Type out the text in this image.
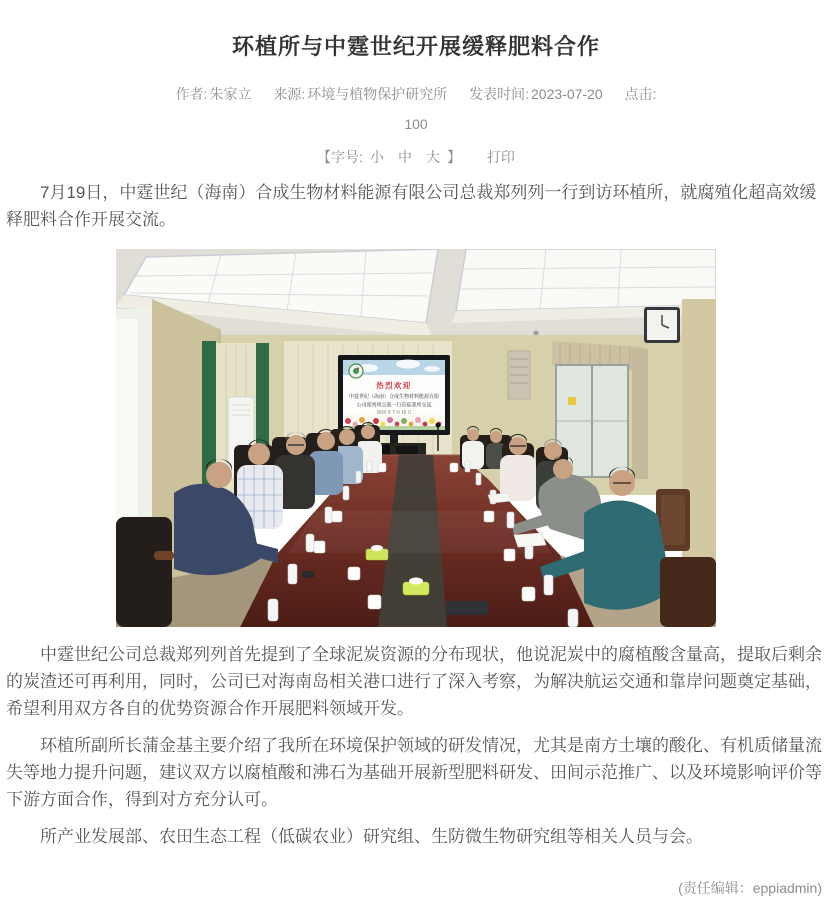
环植所与中霆世纪开展缓释肥料合作
作者: 朱家立 来源: 环境与植物保护研究所 发表时间: 2023-07-20 点击:
100
【字号: 小 中 大 】 打印

7月19日，中霆世纪（海南）合成生物材料能源有限公司总裁郑列列一行到访环植所，就腐殖化超高效缓释肥料合作开展交流。

热烈欢迎
中霆世纪（海南）合成生物材料能源有限
公司郑列列总裁一行莅临我所交流
2023 年 7 月 19 日

中霆世纪公司总裁郑列列首先提到了全球泥炭资源的分布现状，他说泥炭中的腐植酸含量高，提取后剩余的炭渣还可再利用，同时，公司已对海南岛相关港口进行了深入考察，为解决航运交通和靠岸问题奠定基础，希望利用双方各自的优势资源合作开展肥料领域开发。

环植所副所长蒲金基主要介绍了我所在环境保护领域的研发情况，尤其是南方土壤的酸化、有机质储量流失等地力提升问题，建议双方以腐植酸和沸石为基础开展新型肥料研发、田间示范推广、以及环境影响评价等下游方面合作，得到对方充分认可。

所产业发展部、农田生态工程（低碳农业）研究组、生防微生物研究组等相关人员与会。

(责任编辑：eppiadmin)
